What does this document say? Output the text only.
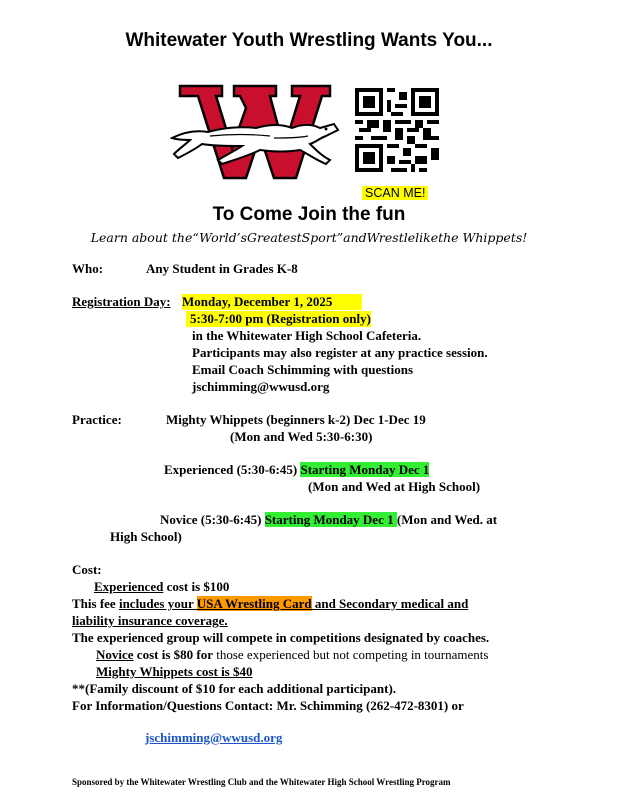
Whitewater Youth Wrestling Wants You...
SCAN ME!
To Come Join the fun
Learn about the“World’sGreatestSport”andWrestlelikethe Whippets!
Who:	Any Student in Grades K-8
Registration Day: Monday, December 1, 2025
5:30-7:00 pm (Registration only)
in the Whitewater High School Cafeteria.
Participants may also register at any practice session.
Email Coach Schimming with questions
jschimming@wwusd.org
Practice:	Mighty Whippets (beginners k-2) Dec 1-Dec 19
(Mon and Wed 5:30-6:30)
Experienced (5:30-6:45) Starting Monday Dec 1
(Mon and Wed at High School)
Novice (5:30-6:45) Starting Monday Dec 1 (Mon and Wed. at
High School)
Cost:
Experienced cost is $100
This fee includes your USA Wrestling Card and Secondary medical and
liability insurance coverage.
The experienced group will compete in competitions designated by coaches.
Novice cost is $80 for those experienced but not competing in tournaments
Mighty Whippets cost is $40
**(Family discount of $10 for each additional participant).
For Information/Questions Contact: Mr. Schimming (262-472-8301) or
jschimming@wwusd.org
Sponsored by the Whitewater Wrestling Club and the Whitewater High School Wrestling Program
